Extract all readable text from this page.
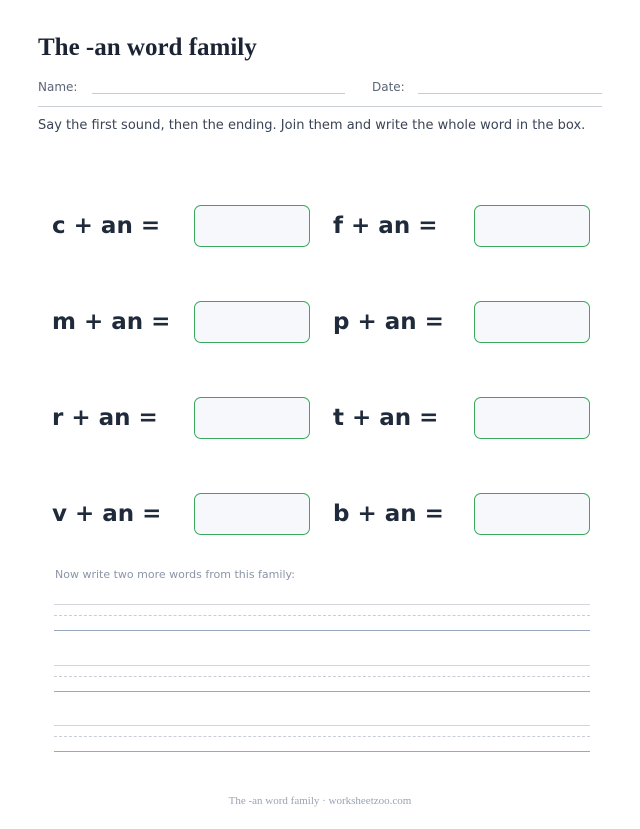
The -an word family
Name:	Date:

Say the first sound, then the ending. Join them and write the whole word in the box.

c + an =	f + an =
m + an =	p + an =
r + an =	t + an =
v + an =	b + an =
Now write two more words from this family:
The -an word family · worksheetzoo.com
